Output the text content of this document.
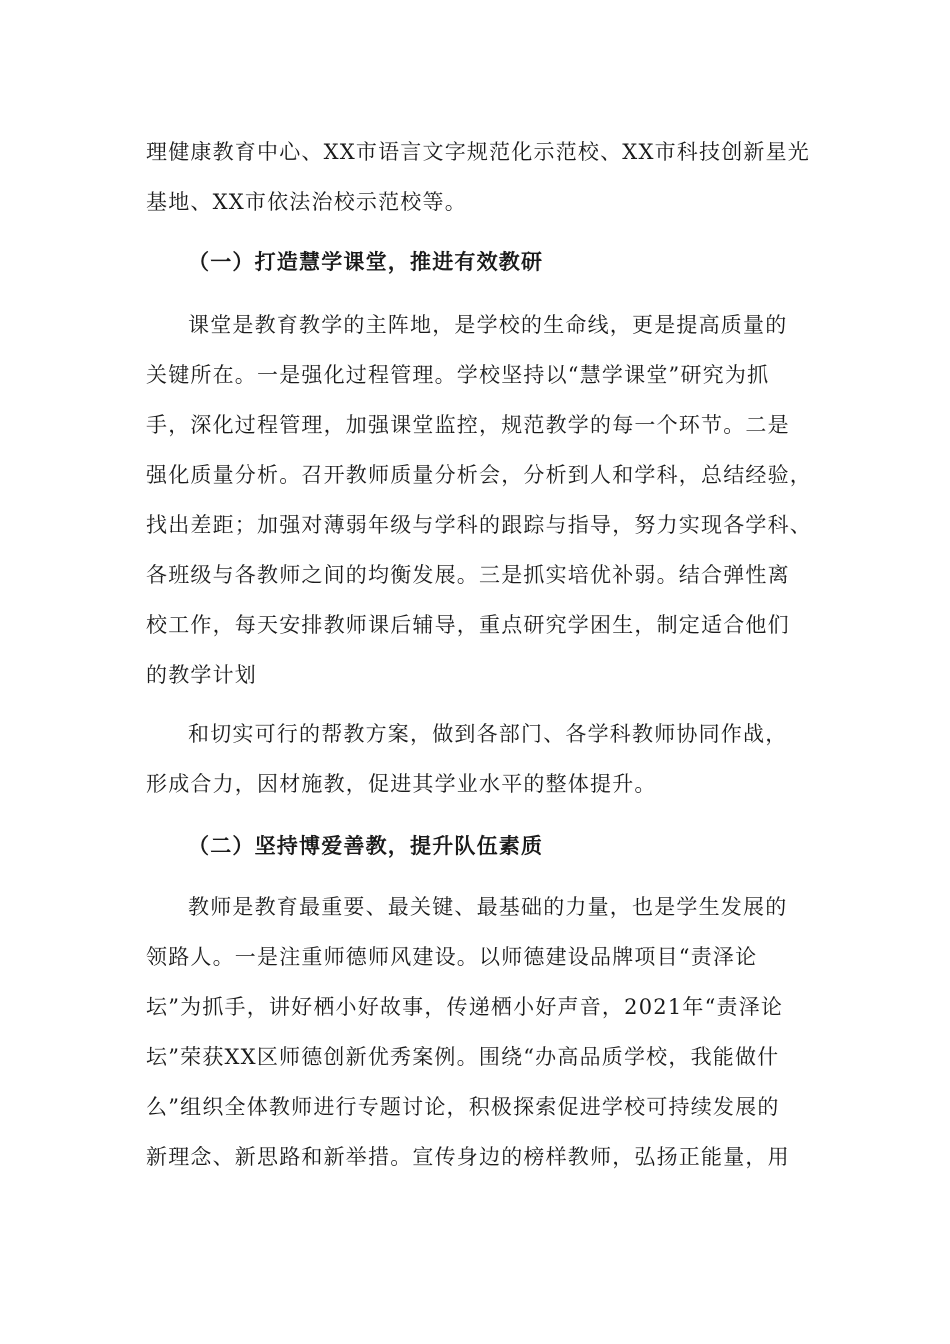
理健康教育中心、XX市语言文字规范化示范校、XX市科技创新星光
基地、XX市依法治校示范校等。
（一）打造慧学课堂，推进有效教研
课堂是教育教学的主阵地，是学校的生命线，更是提高质量的
关键所在。一是强化过程管理。学校坚持以“慧学课堂”研究为抓
手，深化过程管理，加强课堂监控，规范教学的每一个环节。二是
强化质量分析。召开教师质量分析会，分析到人和学科，总结经验，
找出差距；加强对薄弱年级与学科的跟踪与指导，努力实现各学科、
各班级与各教师之间的均衡发展。三是抓实培优补弱。结合弹性离
校工作，每天安排教师课后辅导，重点研究学困生，制定适合他们
的教学计划
和切实可行的帮教方案，做到各部门、各学科教师协同作战，
形成合力，因材施教，促进其学业水平的整体提升。
（二）坚持博爱善教，提升队伍素质
教师是教育最重要、最关键、最基础的力量，也是学生发展的
领路人。一是注重师德师风建设。以师德建设品牌项目“责泽论
坛”为抓手，讲好栖小好故事，传递栖小好声音，2021年“责泽论
坛”荣获XX区师德创新优秀案例。围绕“办高品质学校，我能做什
么”组织全体教师进行专题讨论，积极探索促进学校可持续发展的
新理念、新思路和新举措。宣传身边的榜样教师，弘扬正能量，用
